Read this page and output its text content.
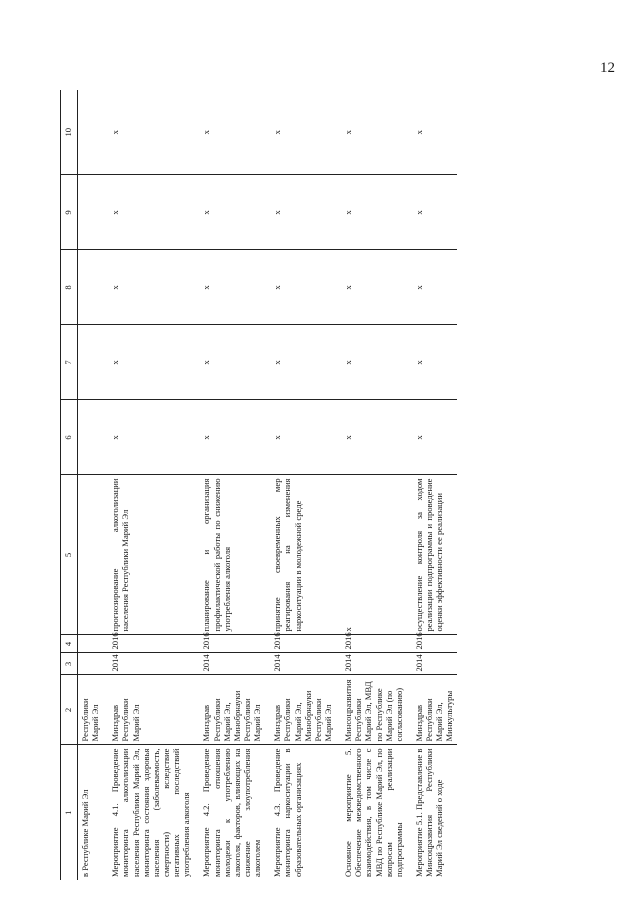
12
1	2	3	4	5	6	7	8	9	10
в Республике Марий Эл	Республики Марий Эл								

Мероприятие 4.1. Проведение мониторинга алкоголизации населения Республики Марий Эл, мониторинга состояния здоровья населения (заболеваемость, смертности) вследствие негативных последствий употребления алкоголя	Минздрав Республики Марий Эл	2014	2016	прогнозирование алкоголизации населения Республики Марий Эл	x	x	x	x	x

Мероприятие 4.2. Проведение мониторинга отношения молодежи к употреблению алкоголя, факторов, влияющих на снижение злоупотребления алкоголем	Минздрав Республики Марий Эл, Минобрнауки Республики Марий Эл	2014	2016	планирование и организация профилактической работы по снижению употребления алкоголя	x	x	x	x	x

Мероприятие 4.3. Проведение мониторинга наркоситуации в образовательных организациях	Минздрав Республики Марий Эл, Минобрнауки Республики Марий Эл	2014	2016	принятие своевременных мер реагирования на изменения наркоситуации в молодежной среде	x	x	x	x	x

Основное мероприятие 5. Обеспечение межведомственного взаимодействия, в том числе с МВД по Республике Марий Эл, по вопросам реализации подпрограммы	Минсоцразвития Республики Марий Эл, МВД по Республике Марий Эл (по согласованию)	2014	2016	x	x	x	x	x	x

Мероприятие 5.1. Представление в Минсоцразвития Республики Марий Эл сведений о ходе	Минздрав Республики Марий Эл, Минкультуры	2014	2016	осуществление контроля за ходом реализации подпрограммы и проведение оценки эффективности ее реализации	x	x	x	x	x
